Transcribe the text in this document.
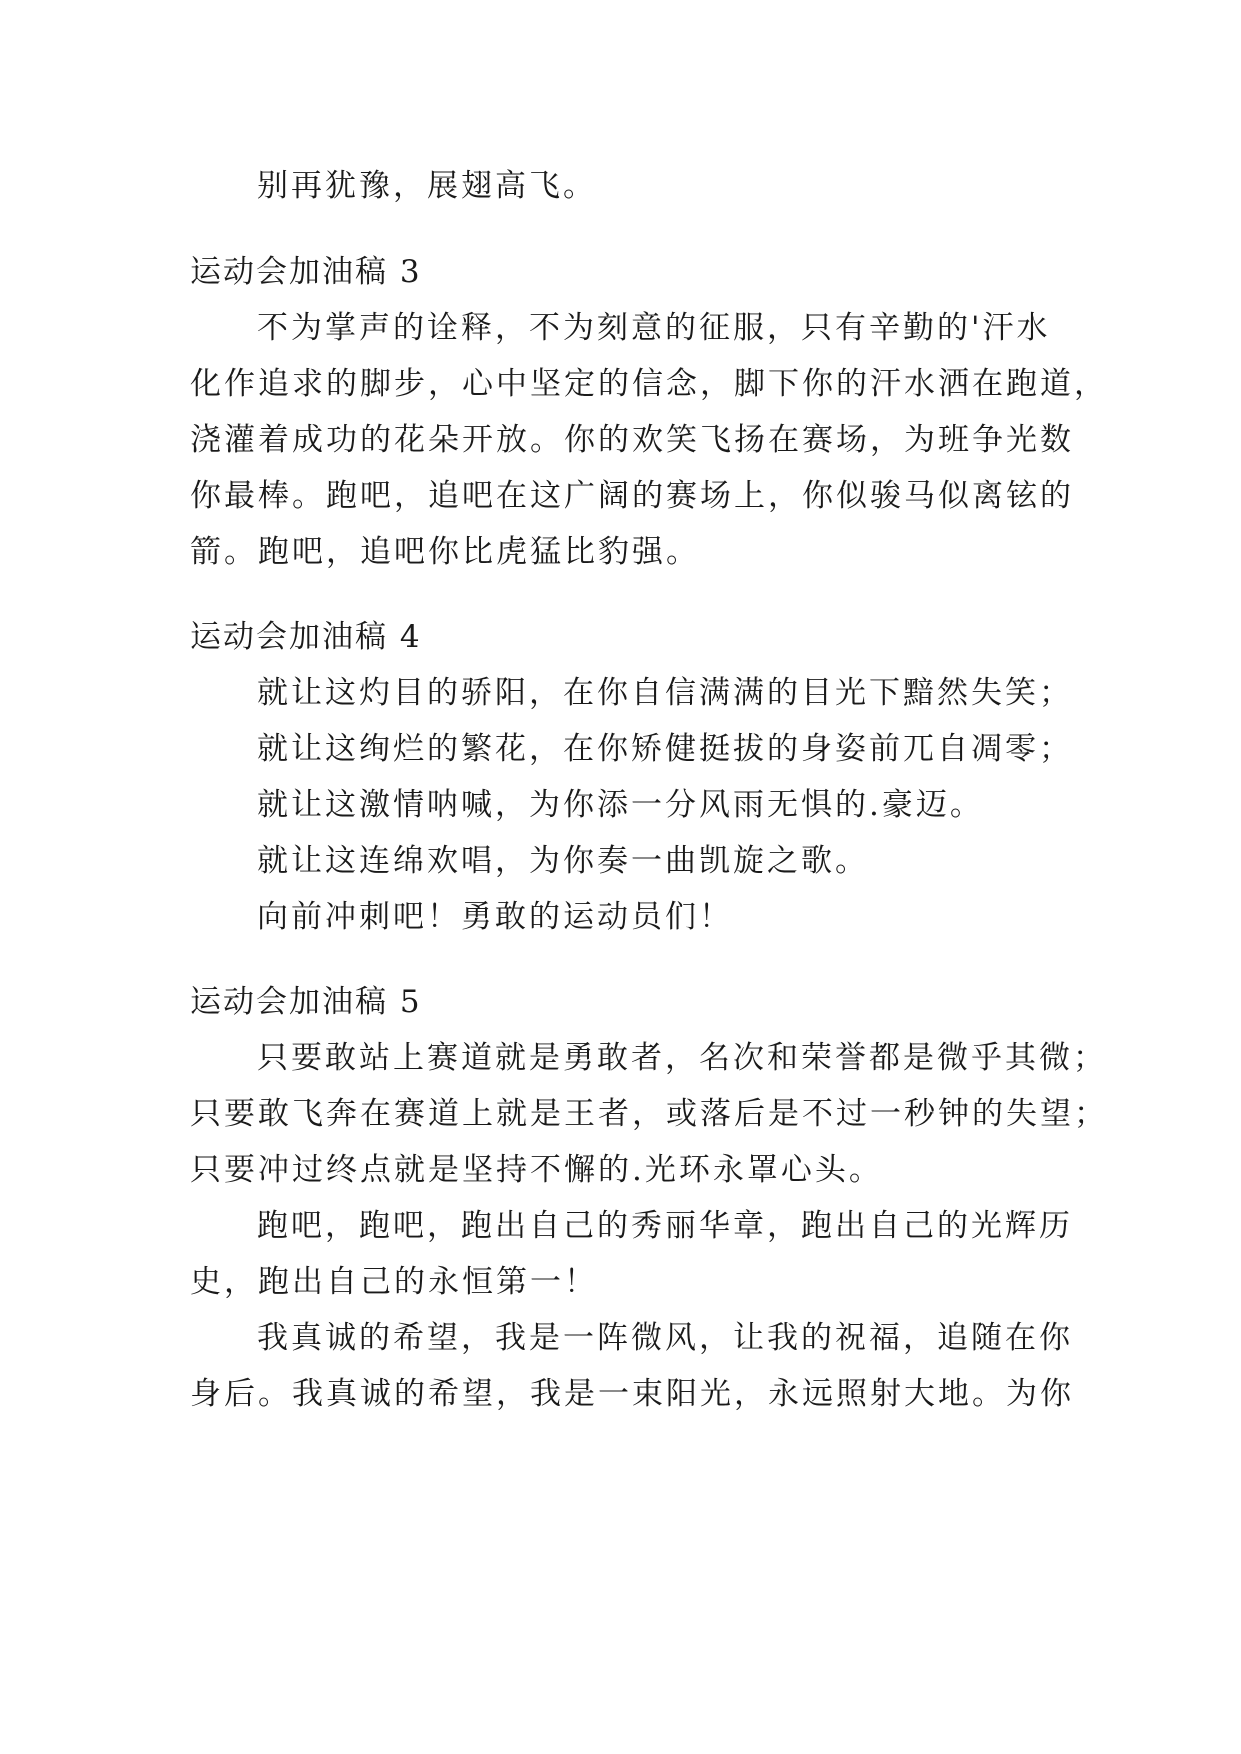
别再犹豫，展翅高飞。
运动会加油稿 3
不为掌声的诠释，不为刻意的征服，只有辛勤的'汗水
化作追求的脚步，心中坚定的信念，脚下你的汗水洒在跑道，
浇灌着成功的花朵开放。你的欢笑飞扬在赛场，为班争光数
你最棒。跑吧，追吧在这广阔的赛场上，你似骏马似离铉的
箭。跑吧，追吧你比虎猛比豹强。
运动会加油稿 4
就让这灼目的骄阳，在你自信满满的目光下黯然失笑；
就让这绚烂的繁花，在你矫健挺拔的身姿前兀自凋零；
就让这激情呐喊，为你添一分风雨无惧的.豪迈。
就让这连绵欢唱，为你奏一曲凯旋之歌。
向前冲刺吧！勇敢的运动员们！
运动会加油稿 5
只要敢站上赛道就是勇敢者，名次和荣誉都是微乎其微；
只要敢飞奔在赛道上就是王者，或落后是不过一秒钟的失望；
只要冲过终点就是坚持不懈的.光环永罩心头。
跑吧，跑吧，跑出自己的秀丽华章，跑出自己的光辉历
史，跑出自己的永恒第一！
我真诚的希望，我是一阵微风，让我的祝福，追随在你
身后。我真诚的希望，我是一束阳光，永远照射大地。为你
